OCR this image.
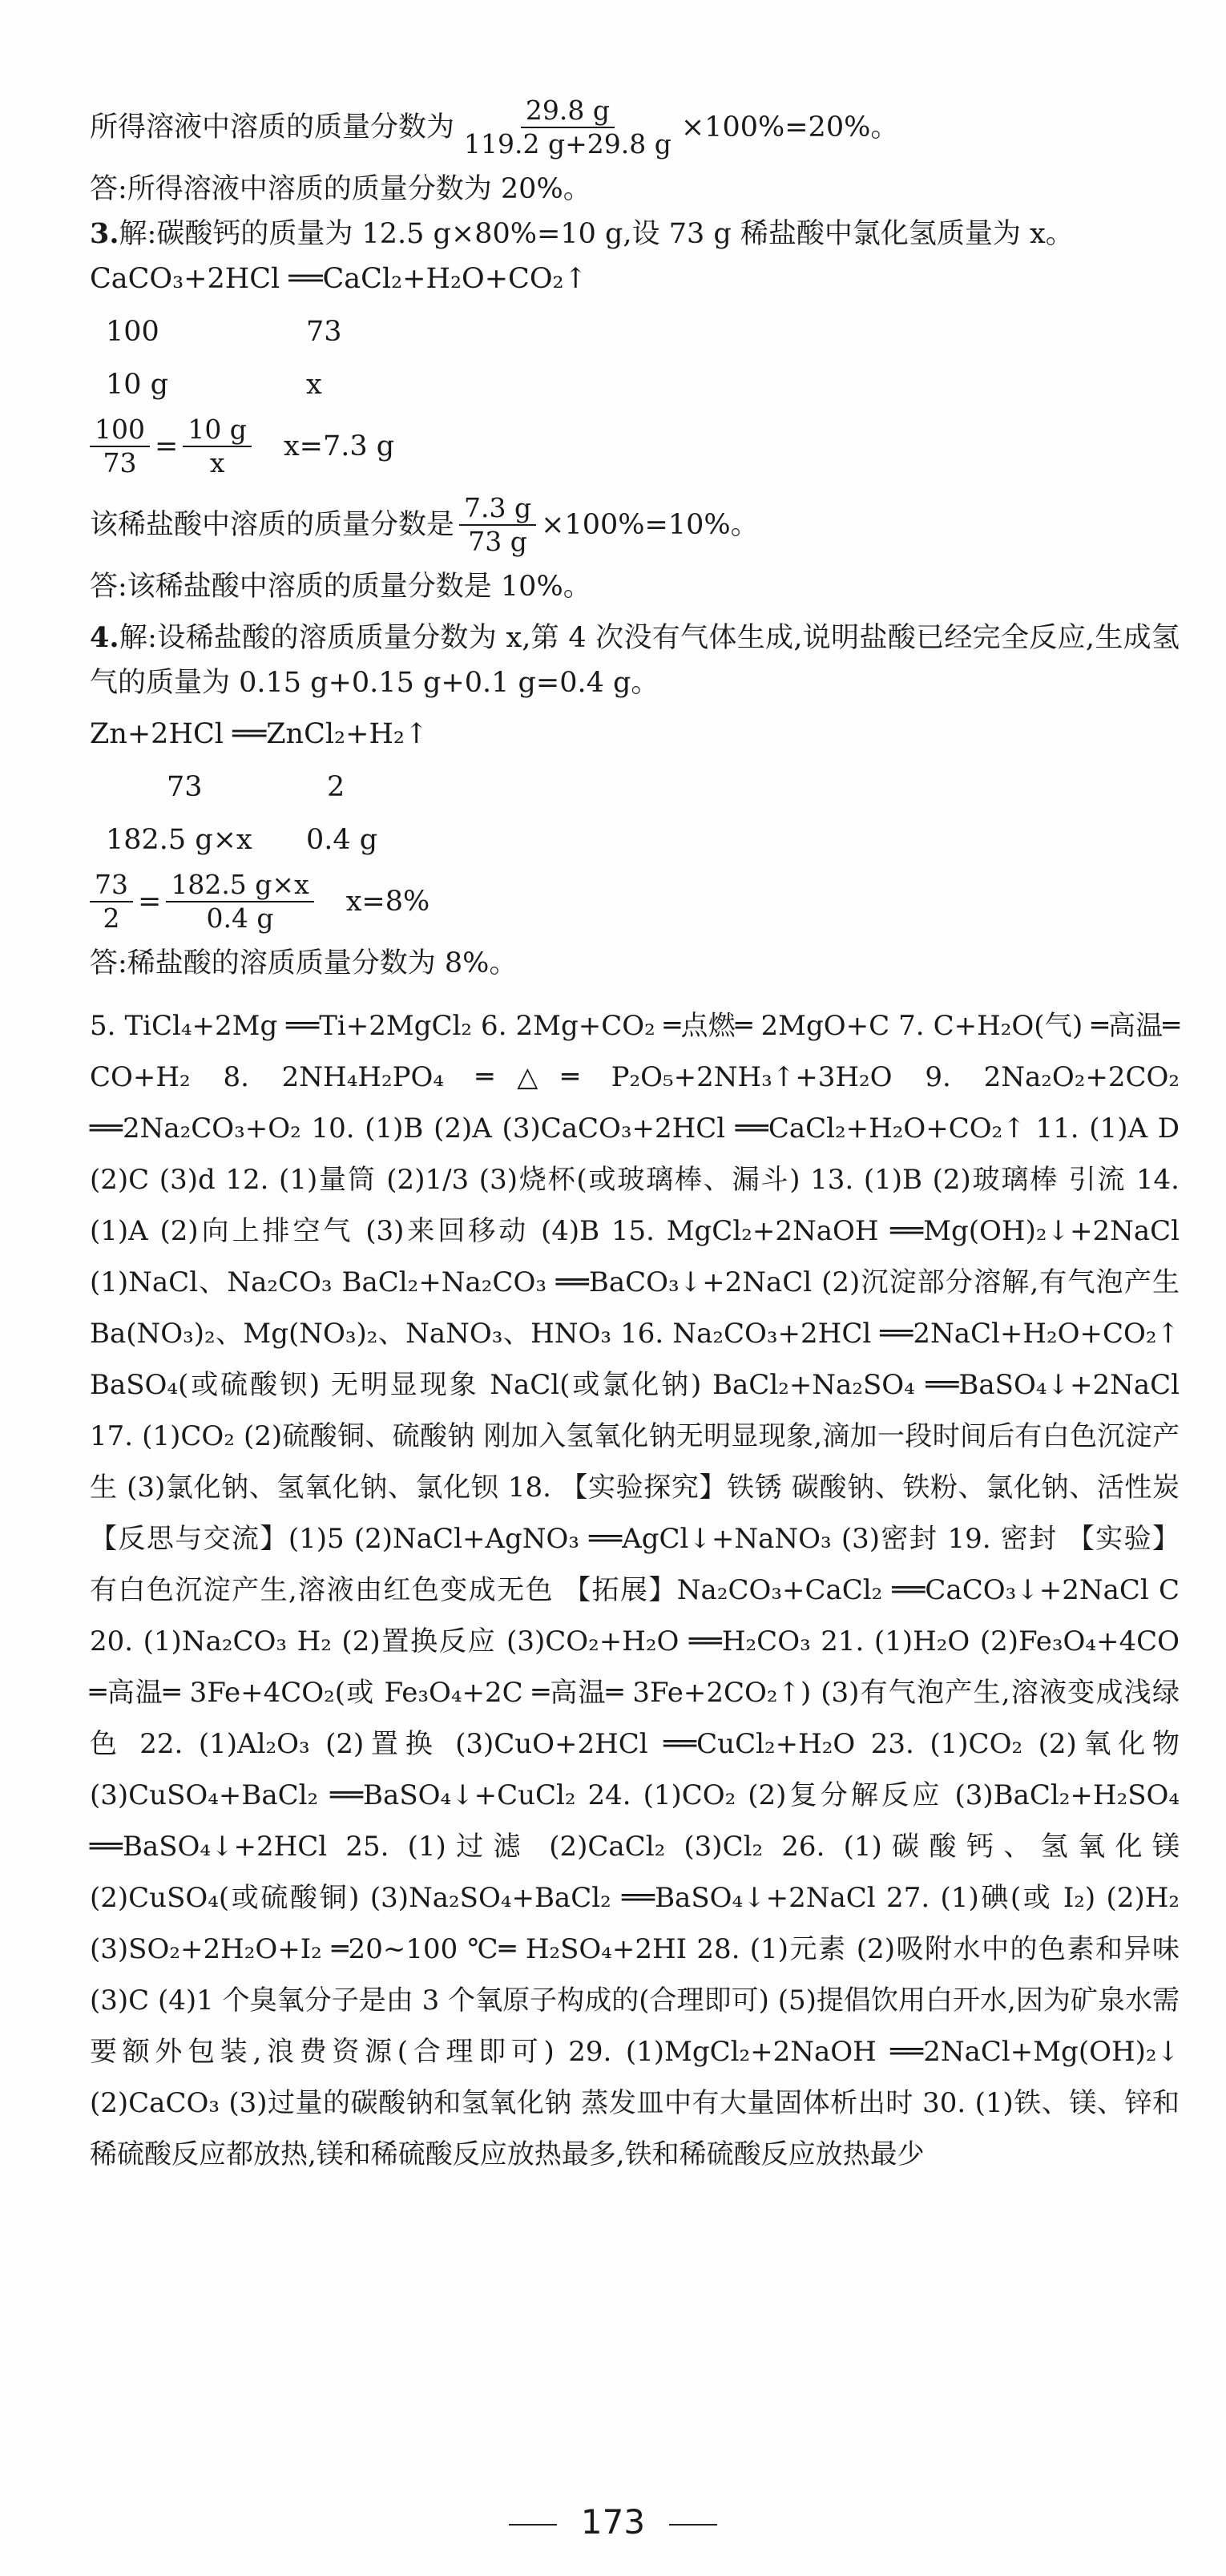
所得溶液中溶质的质量分数为 $\frac{29.8 g}{119.2 g+29.8 g} \times 100\%=20\%$。

答:所得溶液中溶质的质量分数为 20%。

3.解:碳酸钙的质量为 12.5 g×80%=10 g,设 73 g 稀盐酸中氯化氢质量为 x。

CaCO₃+2HCl ══CaCl₂+H₂O+CO₂↑

100	73

10 g	x

$\frac{100}{73} = \frac{10 g}{x} x=7.3$ g
该稀盐酸中溶质的质量分数是 $\frac{7.3 g}{73 g} \times 100\%=10\%$。

答:该稀盐酸中溶质的质量分数是 10%。

4.解:设稀盐酸的溶质质量分数为 x,第 4 次没有气体生成,说明盐酸已经完全反应,生成氢气的质量为 0.15 g+0.15 g+0.1 g=0.4 g。

Zn+2HCl ══ZnCl₂+H₂↑

73	2

182.5 g×x 0.4 g

$\frac{73}{2} = \frac{182.5 g\times x}{0.4 g} x=8\%$

答:稀盐酸的溶质质量分数为 8%。

5. TiCl₄+2Mg ══Ti+2MgCl₂ 6. 2Mg+CO₂ ═点燃═ 2MgO+C 7. C+H₂O(气) ═高温═ CO+H₂ 8. 2NH₄H₂PO₄ ═△═ P₂O₅+2NH₃↑+3H₂O 9. 2Na₂O₂+2CO₂ ══2Na₂CO₃+O₂ 10. (1)B (2)A (3)CaCO₃+2HCl ══CaCl₂+H₂O+CO₂↑ 11. (1)A D (2)C (3)d 12. (1)量筒 (2)1/3 (3)烧杯(或玻璃棒、漏斗) 13. (1)B (2)玻璃棒 引流 14. (1)A (2)向上排空气 (3)来回移动 (4)B 15. MgCl₂+2NaOH ══Mg(OH)₂↓+2NaCl (1)NaCl、Na₂CO₃ BaCl₂+Na₂CO₃ ══BaCO₃↓+2NaCl (2)沉淀部分溶解,有气泡产生 Ba(NO₃)₂、Mg(NO₃)₂、NaNO₃、HNO₃ 16. Na₂CO₃+2HCl ══2NaCl+H₂O+CO₂↑ BaSO₄(或硫酸钡) 无明显现象 NaCl(或氯化钠) BaCl₂+Na₂SO₄ ══BaSO₄↓+2NaCl 17. (1)CO₂ (2)硫酸铜、硫酸钠 刚加入氢氧化钠无明显现象,滴加一段时间后有白色沉淀产生 (3)氯化钠、氢氧化钠、氯化钡 18. 【实验探究】铁锈 碳酸钠、铁粉、氯化钠、活性炭 【反思与交流】(1)5 (2)NaCl+AgNO₃ ══AgCl↓+NaNO₃ (3)密封 19. 密封 【实验】有白色沉淀产生,溶液由红色变成无色 【拓展】Na₂CO₃+CaCl₂ ══CaCO₃↓+2NaCl C 20. (1)Na₂CO₃ H₂ (2)置换反应 (3)CO₂+H₂O ══H₂CO₃ 21. (1)H₂O (2)Fe₃O₄+4CO ═高温═ 3Fe+4CO₂(或 Fe₃O₄+2C ═高温═ 3Fe+2CO₂↑) (3)有气泡产生,溶液变成浅绿色 22. (1)Al₂O₃ (2)置换 (3)CuO+2HCl ══CuCl₂+H₂O 23. (1)CO₂ (2)氧化物 (3)CuSO₄+BaCl₂ ══BaSO₄↓+CuCl₂ 24. (1)CO₂ (2)复分解反应 (3)BaCl₂+H₂SO₄ ══BaSO₄↓+2HCl 25. (1)过滤 (2)CaCl₂ (3)Cl₂ 26. (1)碳酸钙、氢氧化镁 (2)CuSO₄(或硫酸铜) (3)Na₂SO₄+BaCl₂ ══BaSO₄↓+2NaCl 27. (1)碘(或 I₂) (2)H₂ (3)SO₂+2H₂O+I₂ ═20~100 ℃═ H₂SO₄+2HI 28. (1)元素 (2)吸附水中的色素和异味 (3)C (4)1 个臭氧分子是由 3 个氧原子构成的(合理即可) (5)提倡饮用白开水,因为矿泉水需要额外包装,浪费资源(合理即可) 29. (1)MgCl₂+2NaOH ══2NaCl+Mg(OH)₂↓ (2)CaCO₃ (3)过量的碳酸钠和氢氧化钠 蒸发皿中有大量固体析出时 30. (1)铁、镁、锌和稀硫酸反应都放热,镁和稀硫酸反应放热最多,铁和稀硫酸反应放热最少

173
